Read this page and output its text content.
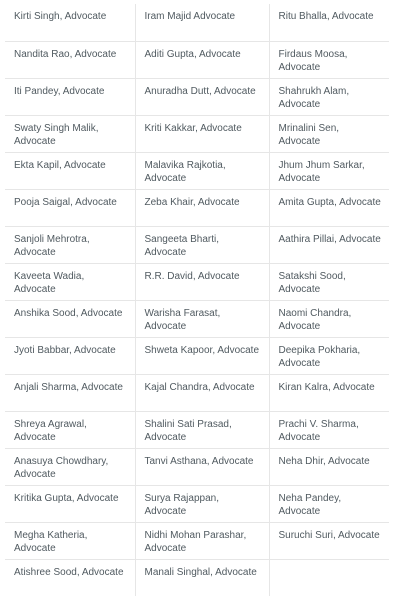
Kirti Singh, Advocate	Iram Majid Advocate	Ritu Bhalla, Advocate
Nandita Rao, Advocate	Aditi Gupta, Advocate	Firdaus Moosa, Advocate
Iti Pandey, Advocate	Anuradha Dutt, Advocate	Shahrukh Alam, Advocate
Swaty Singh Malik, Advocate	Kriti Kakkar, Advocate	Mrinalini Sen, Advocate
Ekta Kapil, Advocate	Malavika Rajkotia, Advocate	Jhum Jhum Sarkar, Advocate
Pooja Saigal, Advocate	Zeba Khair, Advocate	Amita Gupta, Advocate
Sanjoli Mehrotra, Advocate	Sangeeta Bharti, Advocate	Aathira Pillai, Advocate
Kaveeta Wadia, Advocate	R.R. David, Advocate	Satakshi Sood, Advocate
Anshika Sood, Advocate	Warisha Farasat, Advocate	Naomi Chandra, Advocate
Jyoti Babbar, Advocate	Shweta Kapoor, Advocate	Deepika Pokharia, Advocate
Anjali Sharma, Advocate	Kajal Chandra, Advocate	Kiran Kalra, Advocate
Shreya Agrawal, Advocate	Shalini Sati Prasad, Advocate	Prachi V. Sharma, Advocate
Anasuya Chowdhary, Advocate	Tanvi Asthana, Advocate	Neha Dhir, Advocate
Kritika Gupta, Advocate	Surya Rajappan, Advocate	Neha Pandey, Advocate
Megha Katheria, Advocate	Nidhi Mohan Parashar, Advocate	Suruchi Suri, Advocate
Atishree Sood, Advocate	Manali Singhal, Advocate	
